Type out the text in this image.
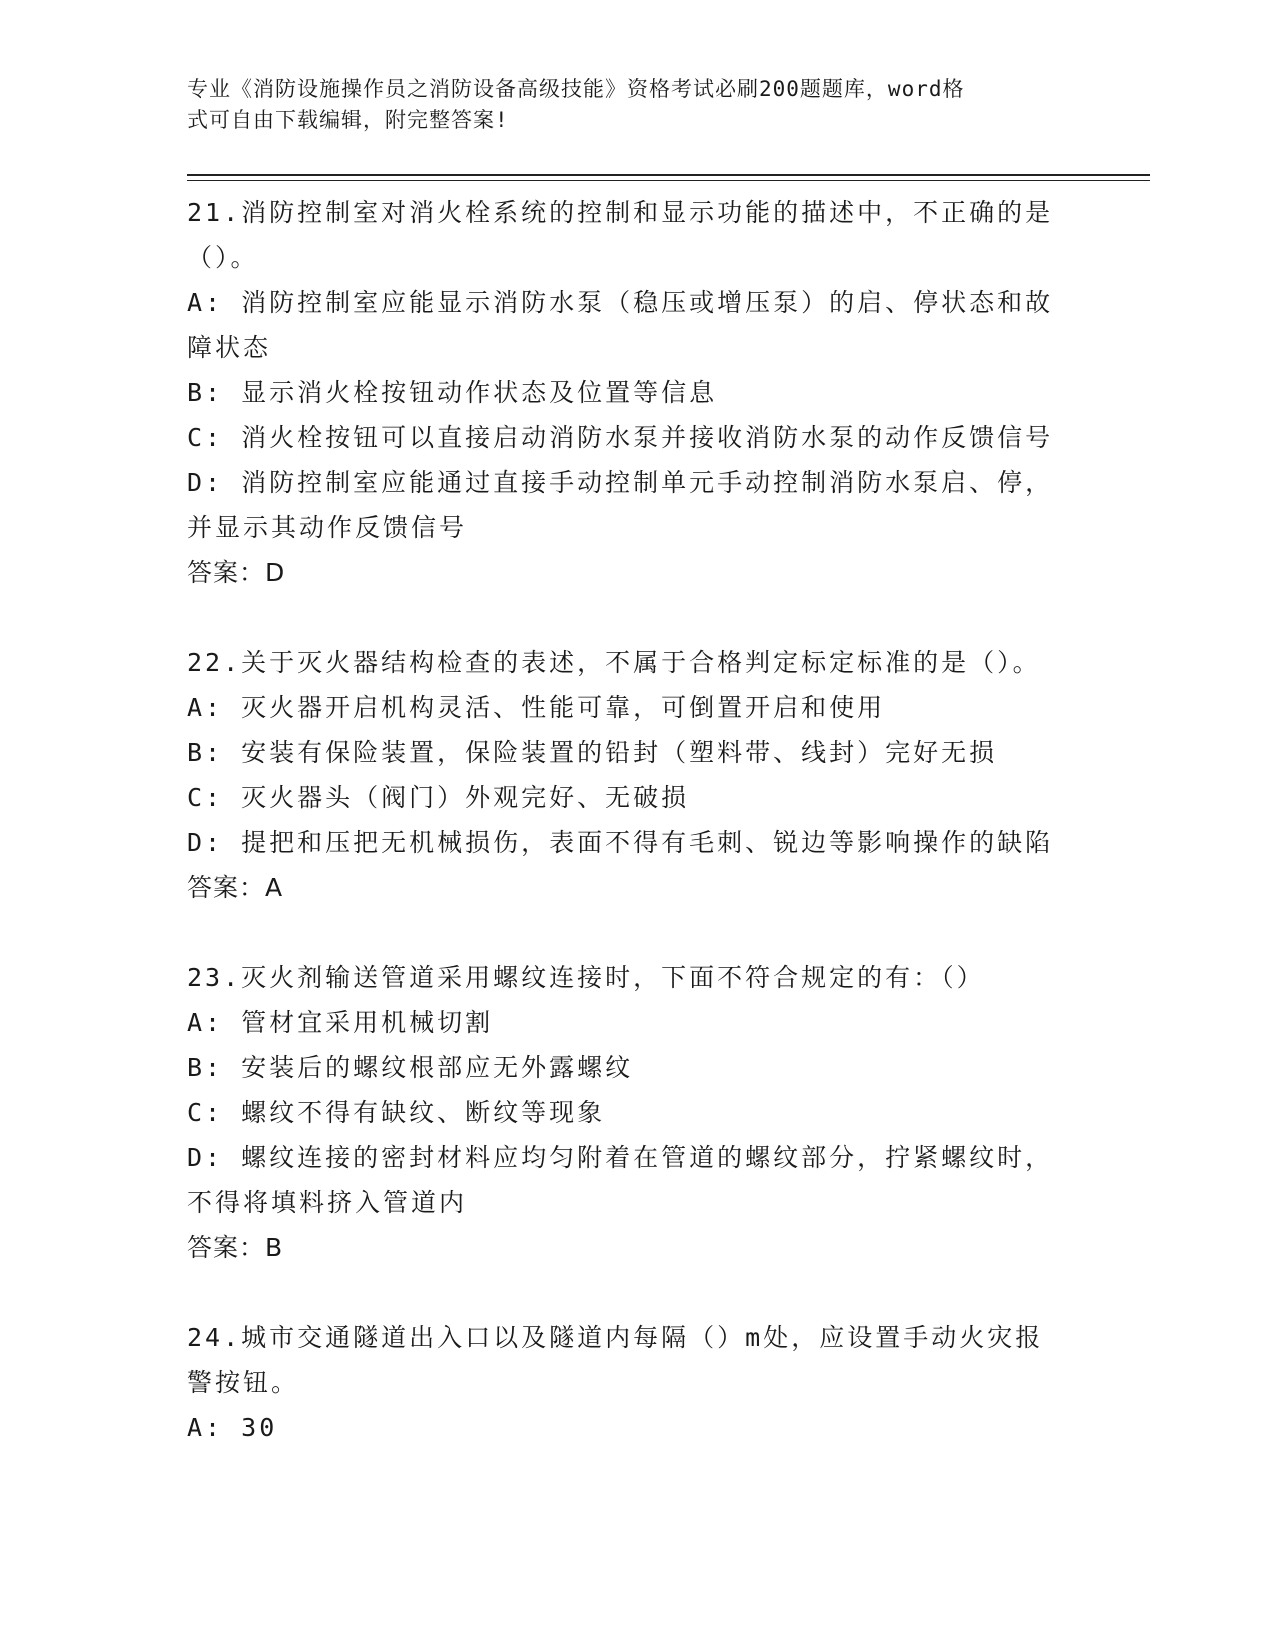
专业《消防设施操作员之消防设备高级技能》资格考试必刷200题题库，word格
式可自由下载编辑，附完整答案!
21.消防控制室对消火栓系统的控制和显示功能的描述中，不正确的是
（）。
A: 消防控制室应能显示消防水泵（稳压或增压泵）的启、停状态和故
障状态
B: 显示消火栓按钮动作状态及位置等信息
C: 消火栓按钮可以直接启动消防水泵并接收消防水泵的动作反馈信号
D: 消防控制室应能通过直接手动控制单元手动控制消防水泵启、停，
并显示其动作反馈信号
答案：D
22.关于灭火器结构检查的表述，不属于合格判定标定标准的是（）。
A: 灭火器开启机构灵活、性能可靠，可倒置开启和使用
B: 安装有保险装置，保险装置的铅封（塑料带、线封）完好无损
C: 灭火器头（阀门）外观完好、无破损
D: 提把和压把无机械损伤，表面不得有毛刺、锐边等影响操作的缺陷
答案：A
23.灭火剂输送管道采用螺纹连接时，下面不符合规定的有：（）
A: 管材宜采用机械切割
B: 安装后的螺纹根部应无外露螺纹
C: 螺纹不得有缺纹、断纹等现象
D: 螺纹连接的密封材料应均匀附着在管道的螺纹部分，拧紧螺纹时，
不得将填料挤入管道内
答案：B
24.城市交通隧道出入口以及隧道内每隔（）m处，应设置手动火灾报
警按钮。
A: 30
